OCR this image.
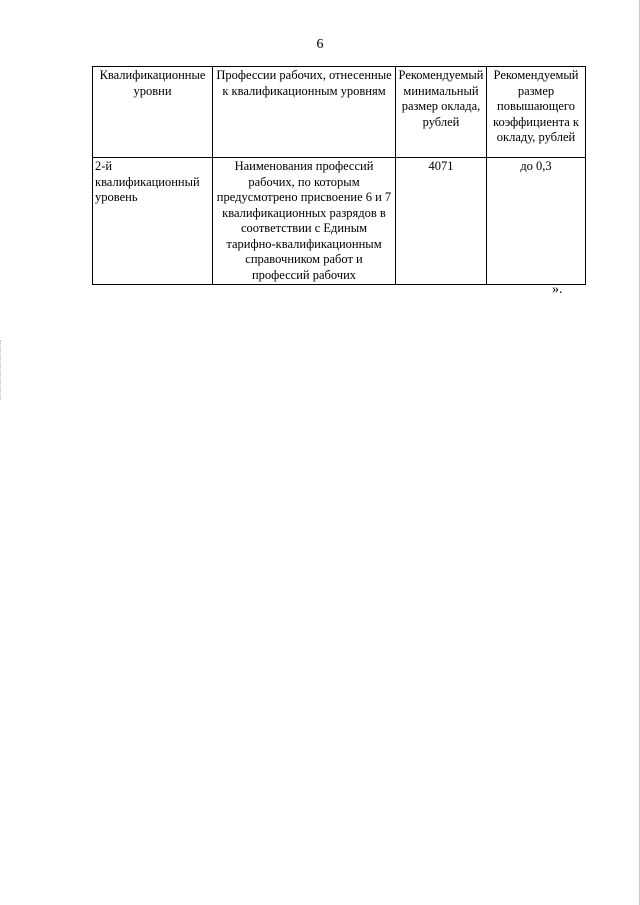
6
Квалификационные уровни	Профессии рабочих, отнесенные к квалификационным уровням	Рекомендуемый минимальный размер оклада, рублей	Рекомендуемый размер повышающего коэффициента к окладу, рублей
2-й квалификационный уровень	Наименования профессий рабочих, по которым предусмотрено присвоение 6 и 7 квалификационных разрядов в соответствии с Единым тарифно-квалификационным справочником работ и профессий рабочих	4071	до 0,3
».
